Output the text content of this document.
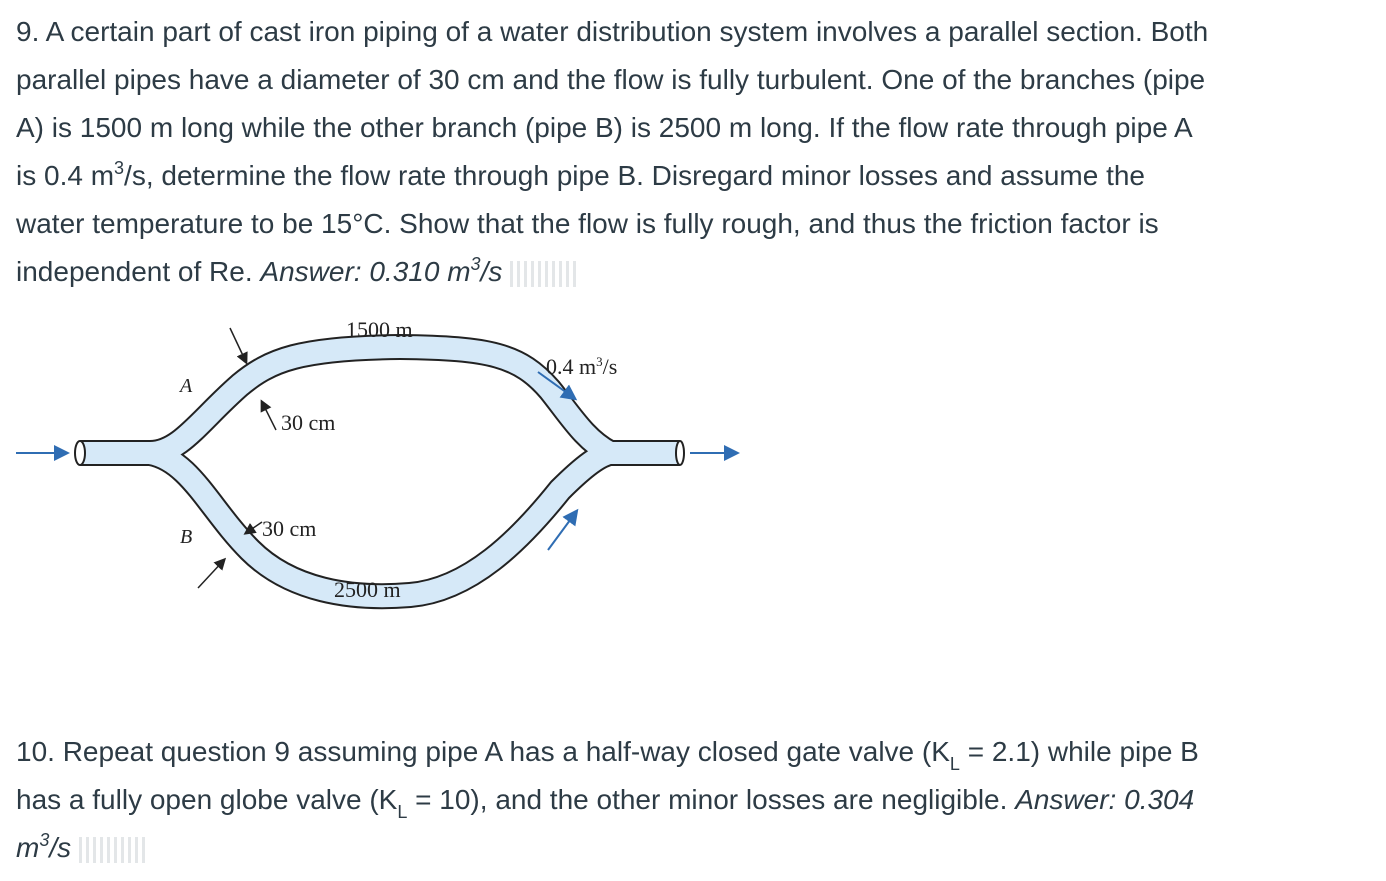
9. A certain part of cast iron piping of a water distribution system involves a parallel section. Both
parallel pipes have a diameter of 30 cm and the flow is fully turbulent. One of the branches (pipe
A) is 1500 m long while the other branch (pipe B) is 2500 m long. If the flow rate through pipe A
is 0.4 $m^3/s$, determine the flow rate through pipe B. Disregard minor losses and assume the
water temperature to be 15°C. Show that the flow is fully rough, and thus the friction factor is
independent of Re. Answer: 0.310 $m^3/s$
1500 m
2500 m
0.4 $m^3/s$
30 cm
30 cm
A
B
10. Repeat question 9 assuming pipe A has a half-way closed gate valve $(K_L = 2.1)$ while pipe B
has a fully open globe valve $(K_L = 10)$, and the other minor losses are negligible. Answer: 0.304
$m^3/s$
